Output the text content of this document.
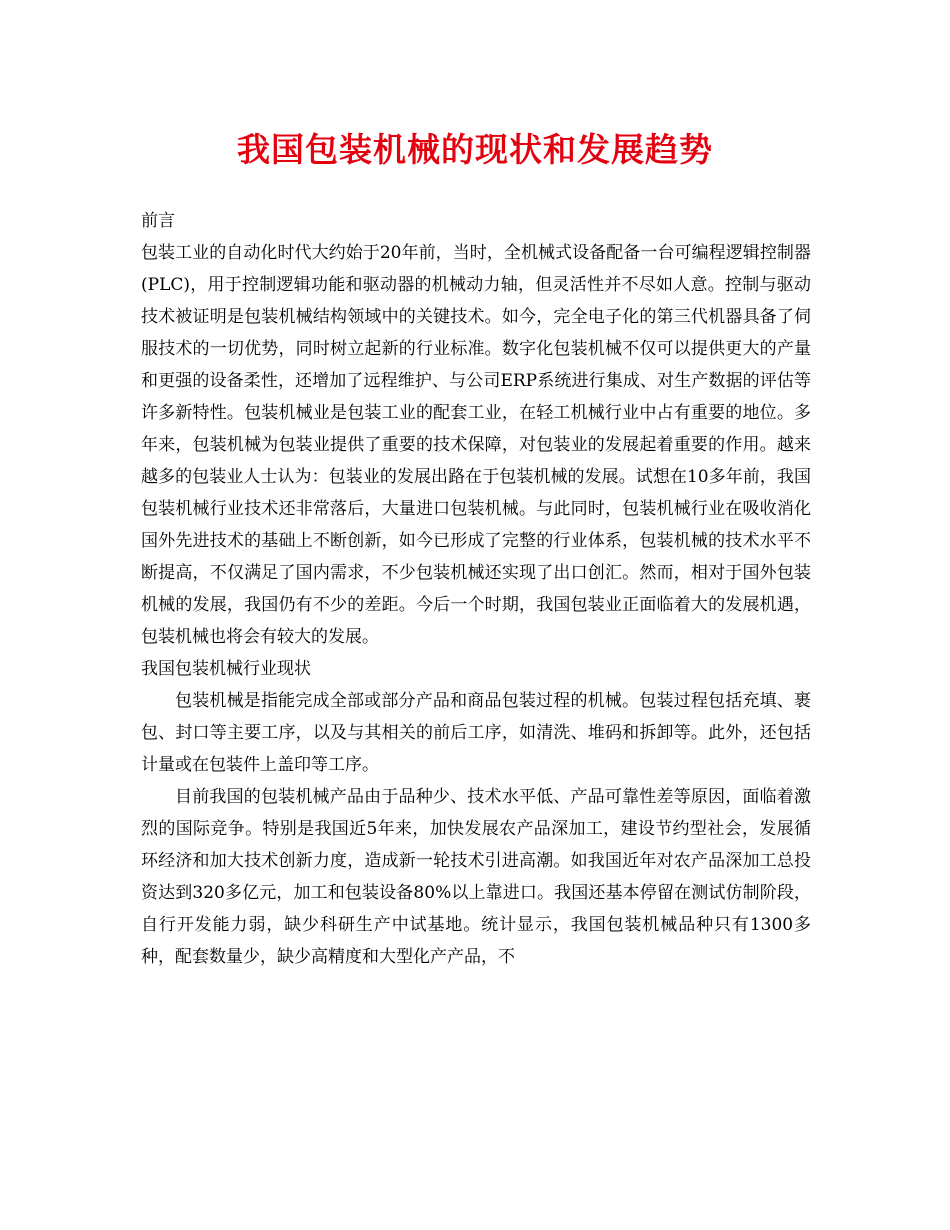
我国包装机械的现状和发展趋势

前言

包装工业的自动化时代大约始于20年前，当时，全机械式设备配备一台可编程逻辑控制器(PLC)，用于控制逻辑功能和驱动器的机械动力轴，但灵活性并不尽如人意。控制与驱动技术被证明是包装机械结构领域中的关键技术。如今，完全电子化的第三代机器具备了伺服技术的一切优势，同时树立起新的行业标准。数字化包装机械不仅可以提供更大的产量和更强的设备柔性，还增加了远程维护、与公司ERP系统进行集成、对生产数据的评估等许多新特性。包装机械业是包装工业的配套工业，在轻工机械行业中占有重要的地位。多年来，包装机械为包装业提供了重要的技术保障，对包装业的发展起着重要的作用。越来越多的包装业人士认为：包装业的发展出路在于包装机械的发展。试想在10多年前，我国包装机械行业技术还非常落后，大量进口包装机械。与此同时，包装机械行业在吸收消化国外先进技术的基础上不断创新，如今已形成了完整的行业体系，包装机械的技术水平不断提高，不仅满足了国内需求，不少包装机械还实现了出口创汇。然而，相对于国外包装机械的发展，我国仍有不少的差距。今后一个时期，我国包装业正面临着大的发展机遇，包装机械也将会有较大的发展。

我国包装机械行业现状

包装机械是指能完成全部或部分产品和商品包装过程的机械。包装过程包括充填、裹包、封口等主要工序，以及与其相关的前后工序，如清洗、堆码和拆卸等。此外，还包括计量或在包装件上盖印等工序。

目前我国的包装机械产品由于品种少、技术水平低、产品可靠性差等原因，面临着激烈的国际竞争。特别是我国近5年来，加快发展农产品深加工，建设节约型社会，发展循环经济和加大技术创新力度，造成新一轮技术引进高潮。如我国近年对农产品深加工总投资达到320多亿元，加工和包装设备80%以上靠进口。我国还基本停留在测试仿制阶段，自行开发能力弱，缺少科研生产中试基地。统计显示，我国包装机械品种只有1300多种，配套数量少，缺少高精度和大型化产产品，不
